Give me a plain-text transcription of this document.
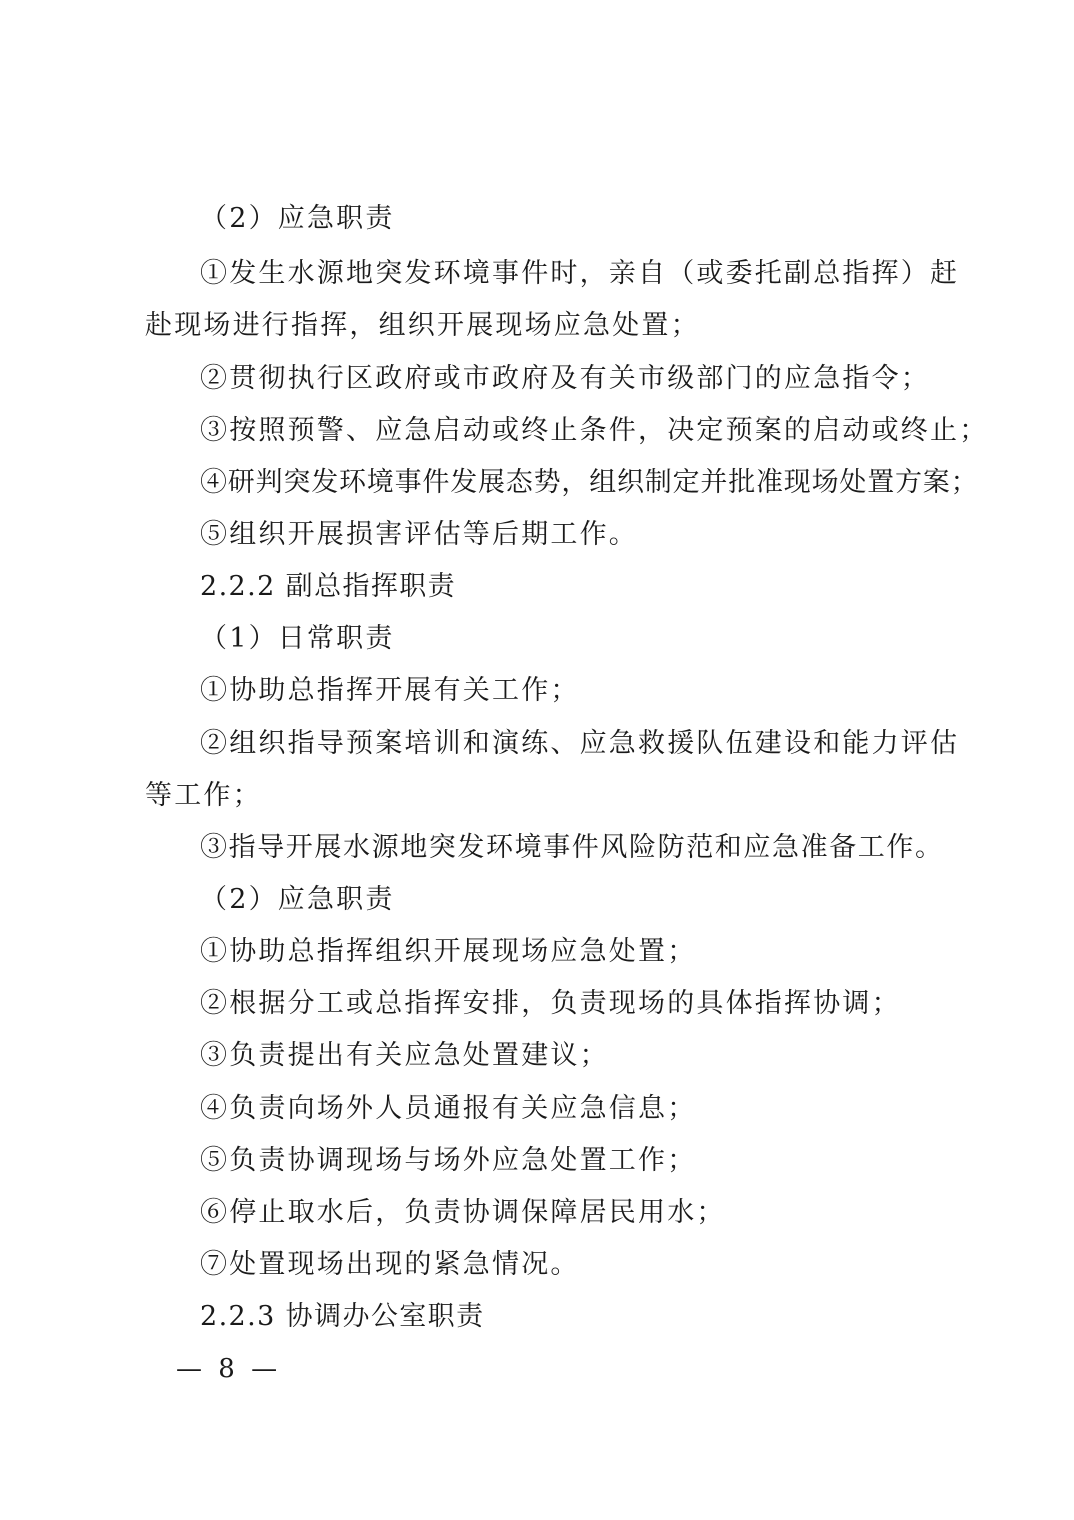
（2）应急职责
①发生水源地突发环境事件时，亲自（或委托副总指挥）赶
赴现场进行指挥，组织开展现场应急处置；
②贯彻执行区政府或市政府及有关市级部门的应急指令；
③按照预警、应急启动或终止条件，决定预案的启动或终止；
④研判突发环境事件发展态势，组织制定并批准现场处置方案；
⑤组织开展损害评估等后期工作。
2.2.2 副总指挥职责
（1）日常职责
①协助总指挥开展有关工作；
②组织指导预案培训和演练、应急救援队伍建设和能力评估
等工作；
③指导开展水源地突发环境事件风险防范和应急准备工作。
（2）应急职责
①协助总指挥组织开展现场应急处置；
②根据分工或总指挥安排，负责现场的具体指挥协调；
③负责提出有关应急处置建议；
④负责向场外人员通报有关应急信息；
⑤负责协调现场与场外应急处置工作；
⑥停止取水后，负责协调保障居民用水；
⑦处置现场出现的紧急情况。
2.2.3 协调办公室职责
— 8 —
